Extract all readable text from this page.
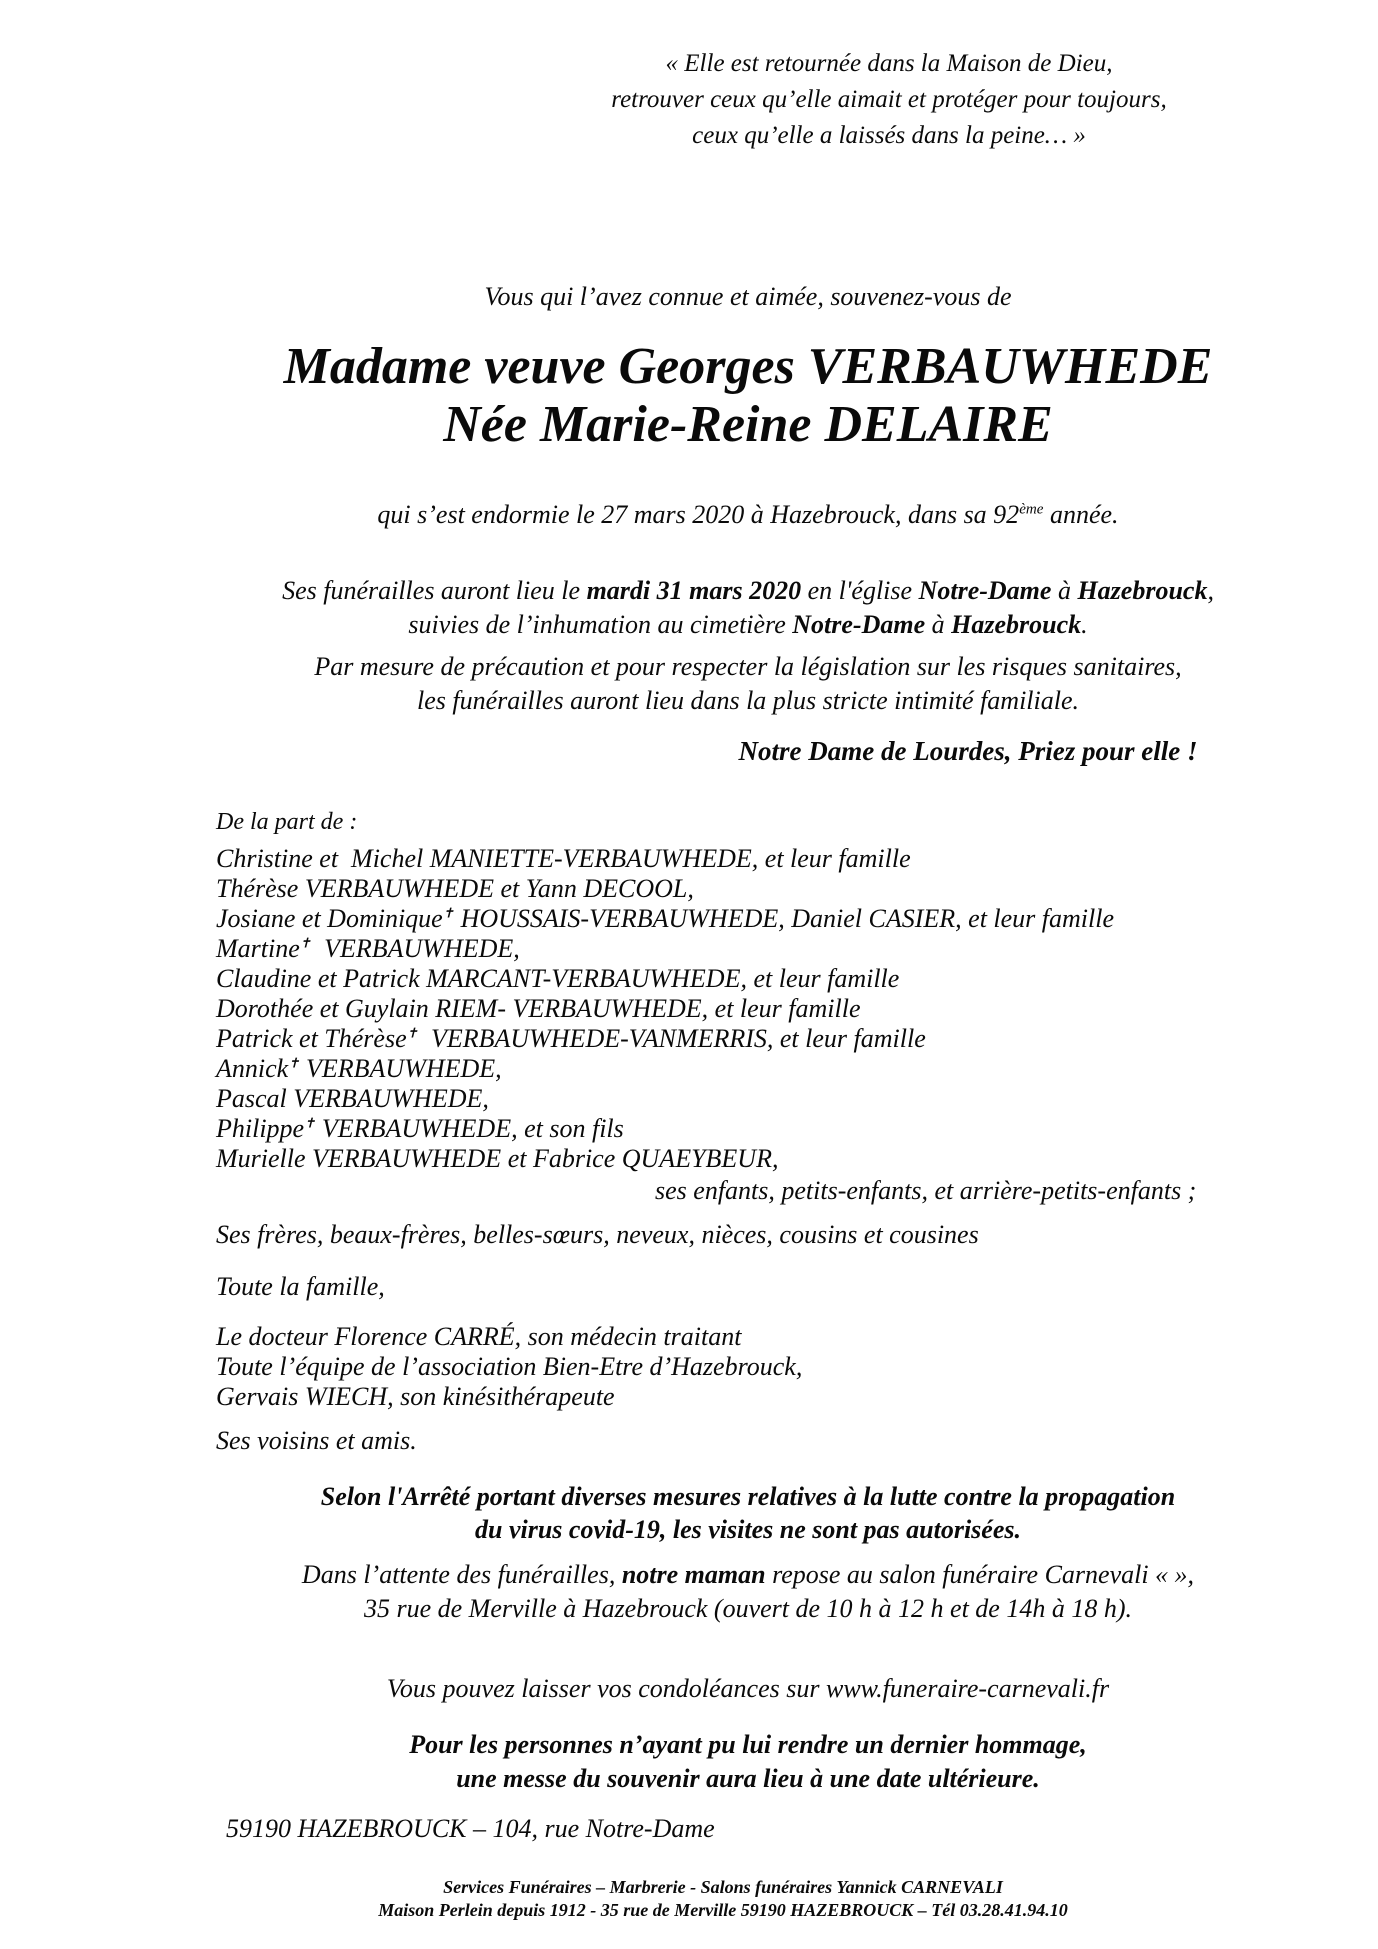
« Elle est retournée dans la Maison de Dieu,

retrouver ceux qu’elle aimait et protéger pour toujours,

ceux qu’elle a laissés dans la peine… »

Vous qui l’avez connue et aimée, souvenez-vous de

Madame veuve Georges VERBAUWHEDE

Née Marie-Reine DELAIRE

qui s’est endormie le 27 mars 2020 à Hazebrouck, dans sa 92ème année.

Ses funérailles auront lieu le mardi 31 mars 2020 en l'église Notre-Dame à Hazebrouck,

suivies de l’inhumation au cimetière Notre-Dame à Hazebrouck.

Par mesure de précaution et pour respecter la législation sur les risques sanitaires,

les funérailles auront lieu dans la plus stricte intimité familiale.

Notre Dame de Lourdes, Priez pour elle !

De la part de :

Christine et  Michel MANIETTE-VERBAUWHEDE, et leur famille

Thérèse VERBAUWHEDE et Yann DECOOL,

Josiane et Dominique✝ HOUSSAIS-VERBAUWHEDE, Daniel CASIER, et leur famille

Martine✝  VERBAUWHEDE,

Claudine et Patrick MARCANT-VERBAUWHEDE, et leur famille

Dorothée et Guylain RIEM- VERBAUWHEDE, et leur famille

Patrick et Thérèse✝  VERBAUWHEDE-VANMERRIS, et leur famille

Annick✝ VERBAUWHEDE,

Pascal VERBAUWHEDE,

Philippe✝ VERBAUWHEDE, et son fils

Murielle VERBAUWHEDE et Fabrice QUAEYBEUR,

ses enfants, petits-enfants, et arrière-petits-enfants ;

Ses frères, beaux-frères, belles-sœurs, neveux, nièces, cousins et cousines

Toute la famille,

Le docteur Florence CARRÉ, son médecin traitant

Toute l’équipe de l’association Bien-Etre d’Hazebrouck,

Gervais WIECH, son kinésithérapeute

Ses voisins et amis.

Selon l'Arrêté portant diverses mesures relatives à la lutte contre la propagation

du virus covid-19, les visites ne sont pas autorisées.

Dans l’attente des funérailles, notre maman repose au salon funéraire Carnevali « »,

35 rue de Merville à Hazebrouck (ouvert de 10 h à 12 h et de 14h à 18 h).

Vous pouvez laisser vos condoléances sur www.funeraire-carnevali.fr

Pour les personnes n’ayant pu lui rendre un dernier hommage,

une messe du souvenir aura lieu à une date ultérieure.

59190 HAZEBROUCK – 104, rue Notre-Dame

Services Funéraires – Marbrerie - Salons funéraires Yannick CARNEVALI

Maison Perlein depuis 1912 - 35 rue de Merville 59190 HAZEBROUCK – Tél 03.28.41.94.10
